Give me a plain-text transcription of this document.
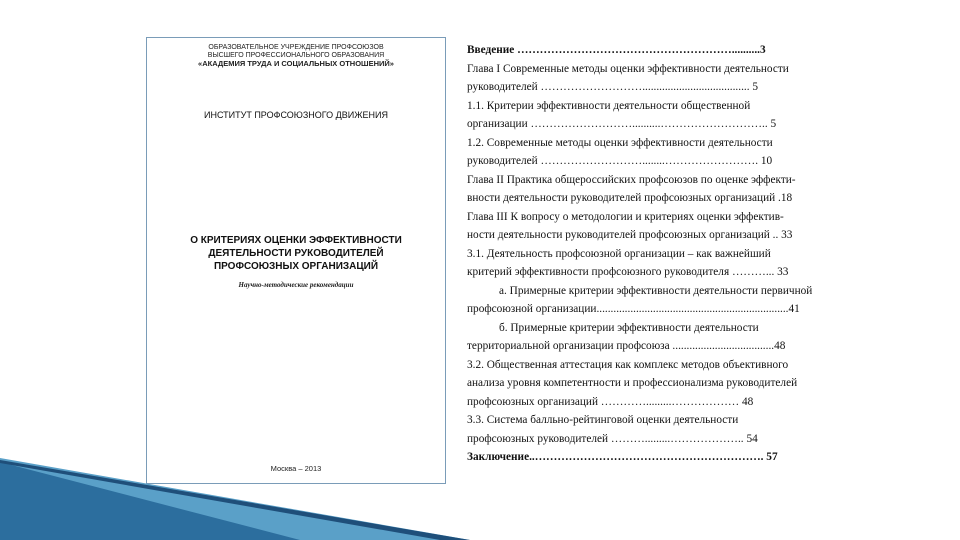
ОБРАЗОВАТЕЛЬНОЕ УЧРЕЖДЕНИЕ ПРОФСОЮЗОВ
ВЫСШЕГО ПРОФЕССИОНАЛЬНОГО ОБРАЗОВАНИЯ
«АКАДЕМИЯ ТРУДА И СОЦИАЛЬНЫХ ОТНОШЕНИЙ»
ИНСТИТУТ ПРОФСОЮЗНОГО ДВИЖЕНИЯ
О КРИТЕРИЯХ ОЦЕНКИ ЭФФЕКТИВНОСТИ
ДЕЯТЕЛЬНОСТИ РУКОВОДИТЕЛЕЙ
ПРОФСОЮЗНЫХ ОРГАНИЗАЦИЙ
Научно-методические рекомендации
Москва – 2013
Введение …………………………………………………..........3
Глава I Современные методы оценки эффективности деятельности
руководителей ………………………...................................... 5
1.1. Критерии эффективности деятельности общественной
организации ………………………..........……………………….. 5
1.2. Современные методы оценки эффективности деятельности
руководителей ………………………........……………………. 10
Глава II Практика общероссийских профсоюзов по оценке эффекти-
вности деятельности руководителей профсоюзных организаций .18
Глава III К вопросу о методологии и критериях оценки эффектив-
ности деятельности руководителей профсоюзных организаций .. 33
3.1. Деятельность профсоюзной организации – как важнейший
критерий эффективности профсоюзного руководителя ………... 33
а. Примерные критерии эффективности деятельности первичной
профсоюзной организации....................................................................41
б. Примерные критерии эффективности деятельности
территориальной организации профсоюза ....................................48
3.2. Общественная аттестация как комплекс методов объективного
анализа уровня компетентности и профессионализма руководителей
профсоюзных организаций ………….........……………… 48
3.3. Система балльно-рейтинговой оценки деятельности
профсоюзных руководителей ……….........……………….. 54
Заключение..……………………………………………………. 57
